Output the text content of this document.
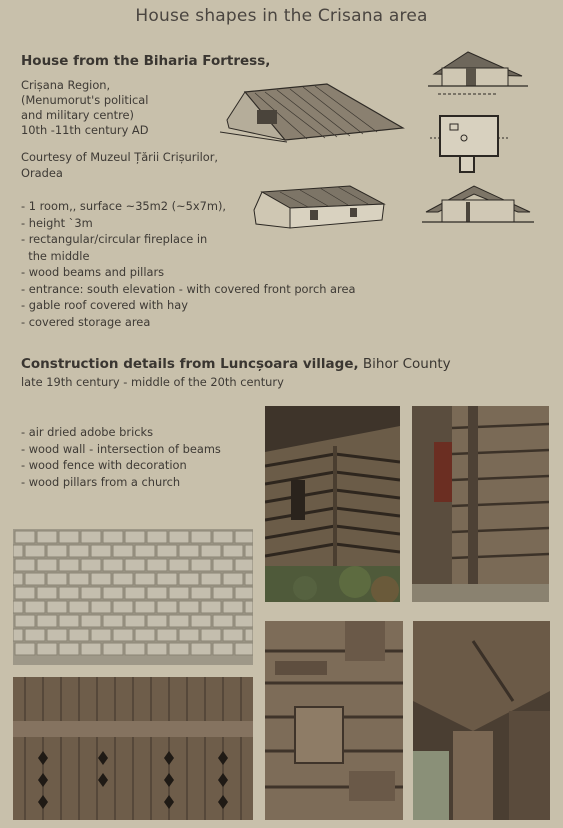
House shapes in the Crisana area
House from the Biharia Fortress,
Crișana Region,
(Menumorut's political
and military centre)
10th -11th century AD
Courtesy of Muzeul Țării Crișurilor,
Oradea
- 1 room,, surface ~35m2 (~5x7m),
- height `3m
- rectangular/circular fireplace in
the middle
- wood beams and pillars
- entrance: south elevation - with covered front porch area
- gable roof covered with hay
- covered storage area
Construction details from Luncșoara village, Bihor County
late 19th century - middle of the 20th century
- air dried adobe bricks
- wood wall - intersection of beams
- wood fence with decoration
- wood pillars from a church
